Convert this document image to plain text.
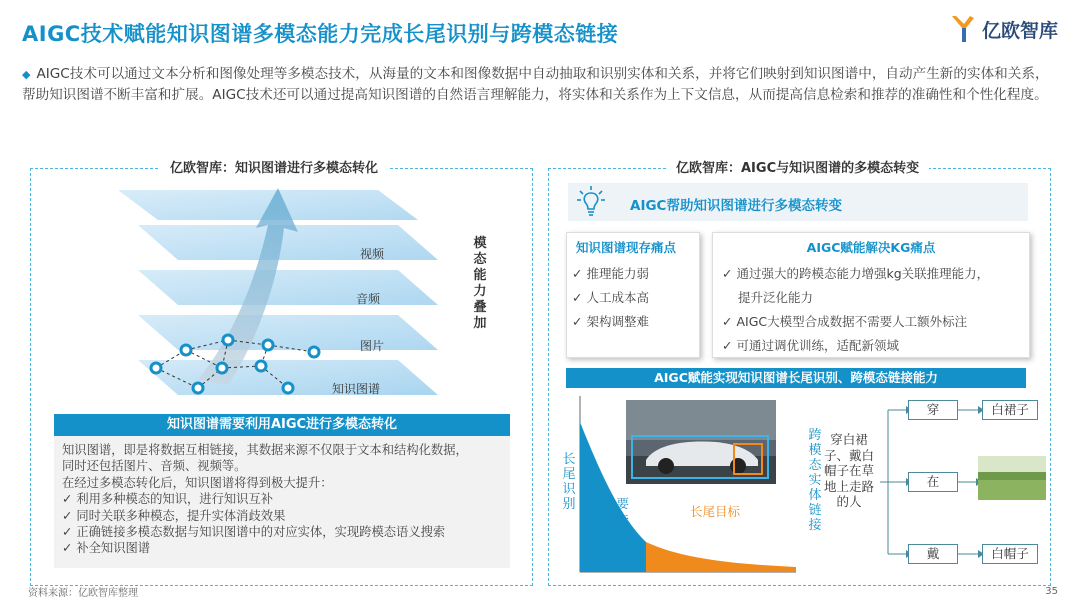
AIGC技术赋能知识图谱多模态能力完成长尾识别与跨模态链接	亿欧智库
◆ AIGC技术可以通过文本分析和图像处理等多模态技术，从海量的文本和图像数据中自动抽取和识别实体和关系，并将它们映射到知识图谱中，自动产生新的实体和关系，帮助知识图谱不断丰富和扩展。AIGC技术还可以通过提高知识图谱的自然语言理解能力，将实体和关系作为上下文信息，从而提高信息检索和推荐的准确性和个性化程度。
亿欧智库：知识图谱进行多模态转化
视频
音频
图片
知识图谱
模态能力叠加
知识图谱需要利用AIGC进行多模态转化
知识图谱，即是将数据互相链接，其数据来源不仅限于文本和结构化数据，
同时还包括图片、音频、视频等。
在经过多模态转化后，知识图谱将得到极大提升：
✓ 利用多种模态的知识，进行知识互补
✓ 同时关联多种模态，提升实体消歧效果
✓ 正确链接多模态数据与知识图谱中的对应实体，实现跨模态语义搜索
✓ 补全知识图谱
亿欧智库：AIGC与知识图谱的多模态转变
AIGC帮助知识图谱进行多模态转变
知识图谱现存痛点
✓ 推理能力弱
✓ 人工成本高
✓ 架构调整难
AIGC赋能解决KG痛点
✓ 通过强大的跨模态能力增强kg关联推理能力，
提升泛化能力
✓ AIGC大模型合成数据不需要人工额外标注
✓ 可通过调优训练，适配新领域
AIGC赋能实现知识图谱长尾识别、跨模态链接能力
长尾识别 主要
目标
长尾目标
跨模态实体链接
穿白裙子、戴白帽子在草地上走路的人
穿
在
戴
白裙子
白帽子
资料来源：亿欧智库整理	35
